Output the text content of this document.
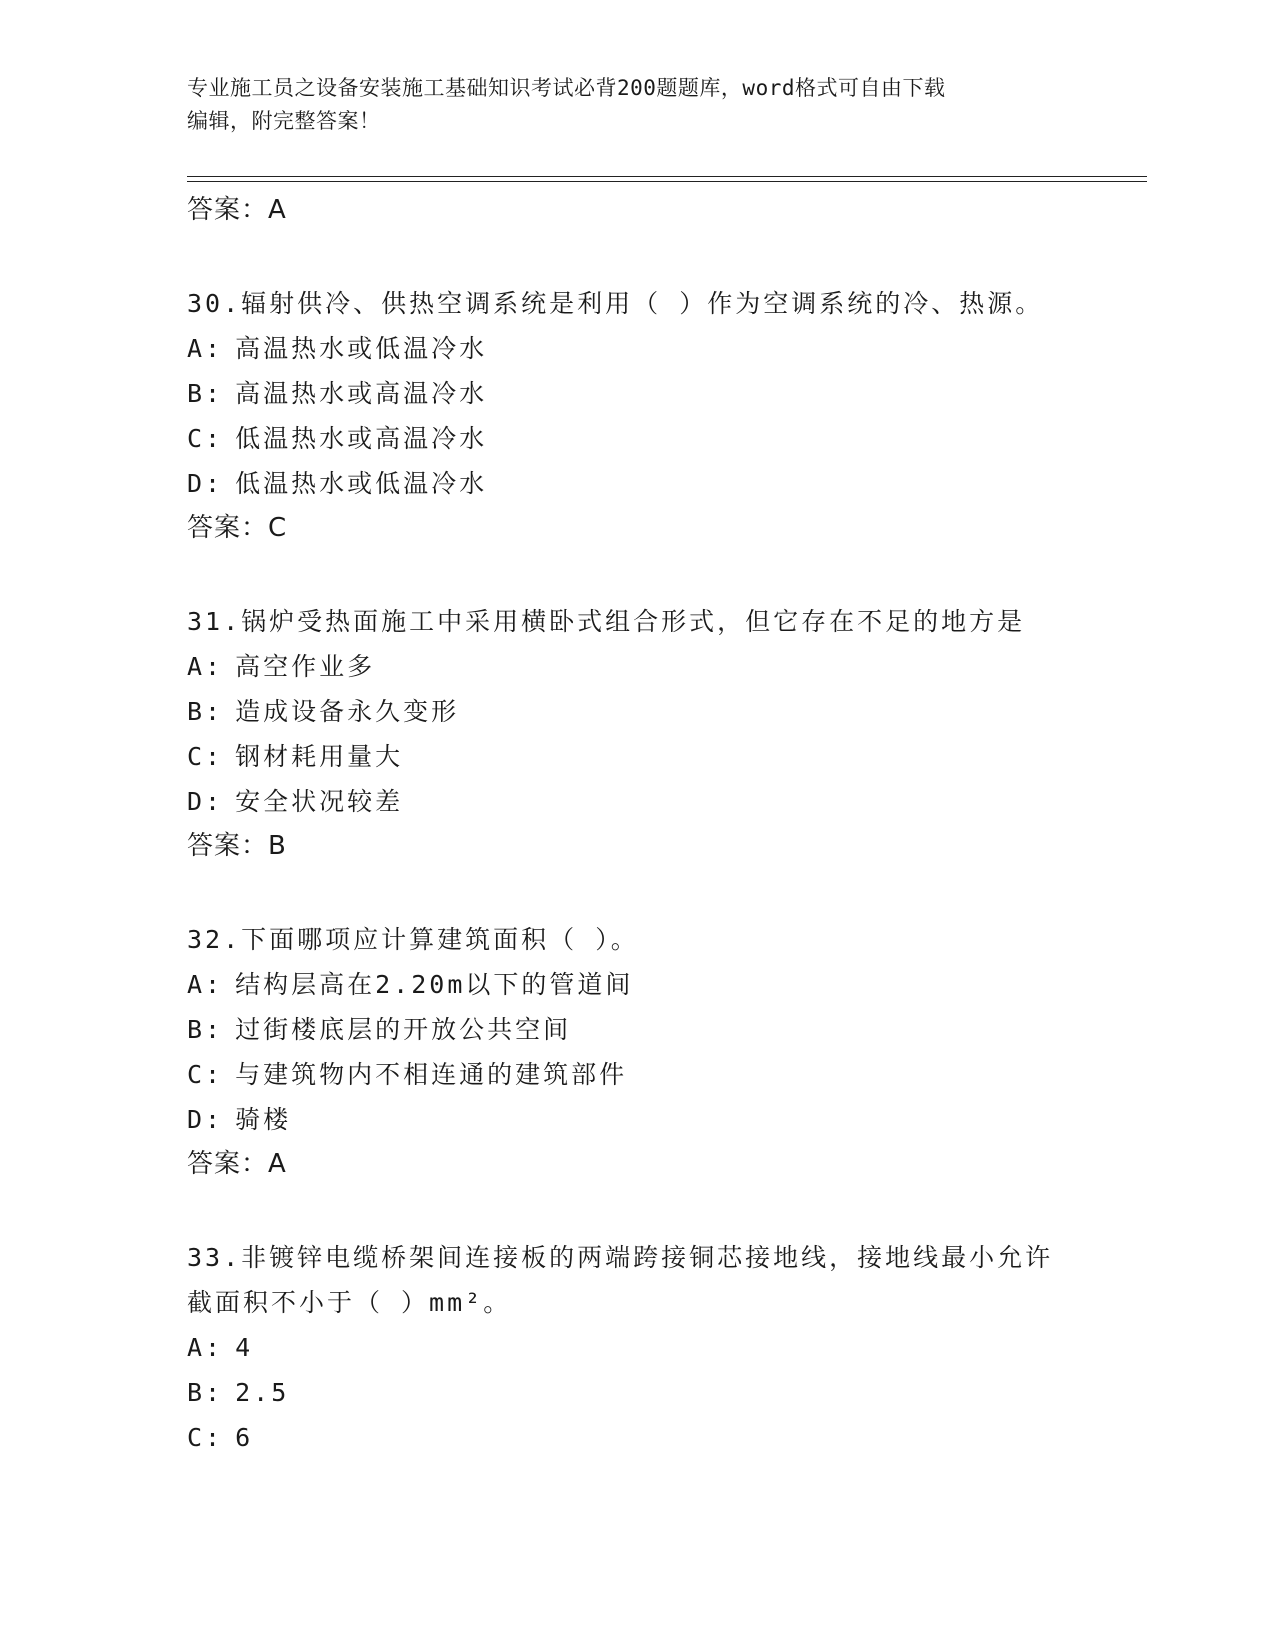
专业施工员之设备安装施工基础知识考试必背200题题库，word格式可自由下载
编辑，附完整答案！
答案：A
30.辐射供冷、供热空调系统是利用（ ）作为空调系统的冷、热源。
A: 高温热水或低温冷水
B: 高温热水或高温冷水
C: 低温热水或高温冷水
D: 低温热水或低温冷水
答案：C
31.锅炉受热面施工中采用横卧式组合形式，但它存在不足的地方是
A: 高空作业多
B: 造成设备永久变形
C: 钢材耗用量大
D: 安全状况较差
答案：B
32.下面哪项应计算建筑面积（ ）。
A: 结构层高在2.20m以下的管道间
B: 过街楼底层的开放公共空间
C: 与建筑物内不相连通的建筑部件
D: 骑楼
答案：A
33.非镀锌电缆桥架间连接板的两端跨接铜芯接地线，接地线最小允许
截面积不小于（ ）mm²。
A: 4
B: 2.5
C: 6
